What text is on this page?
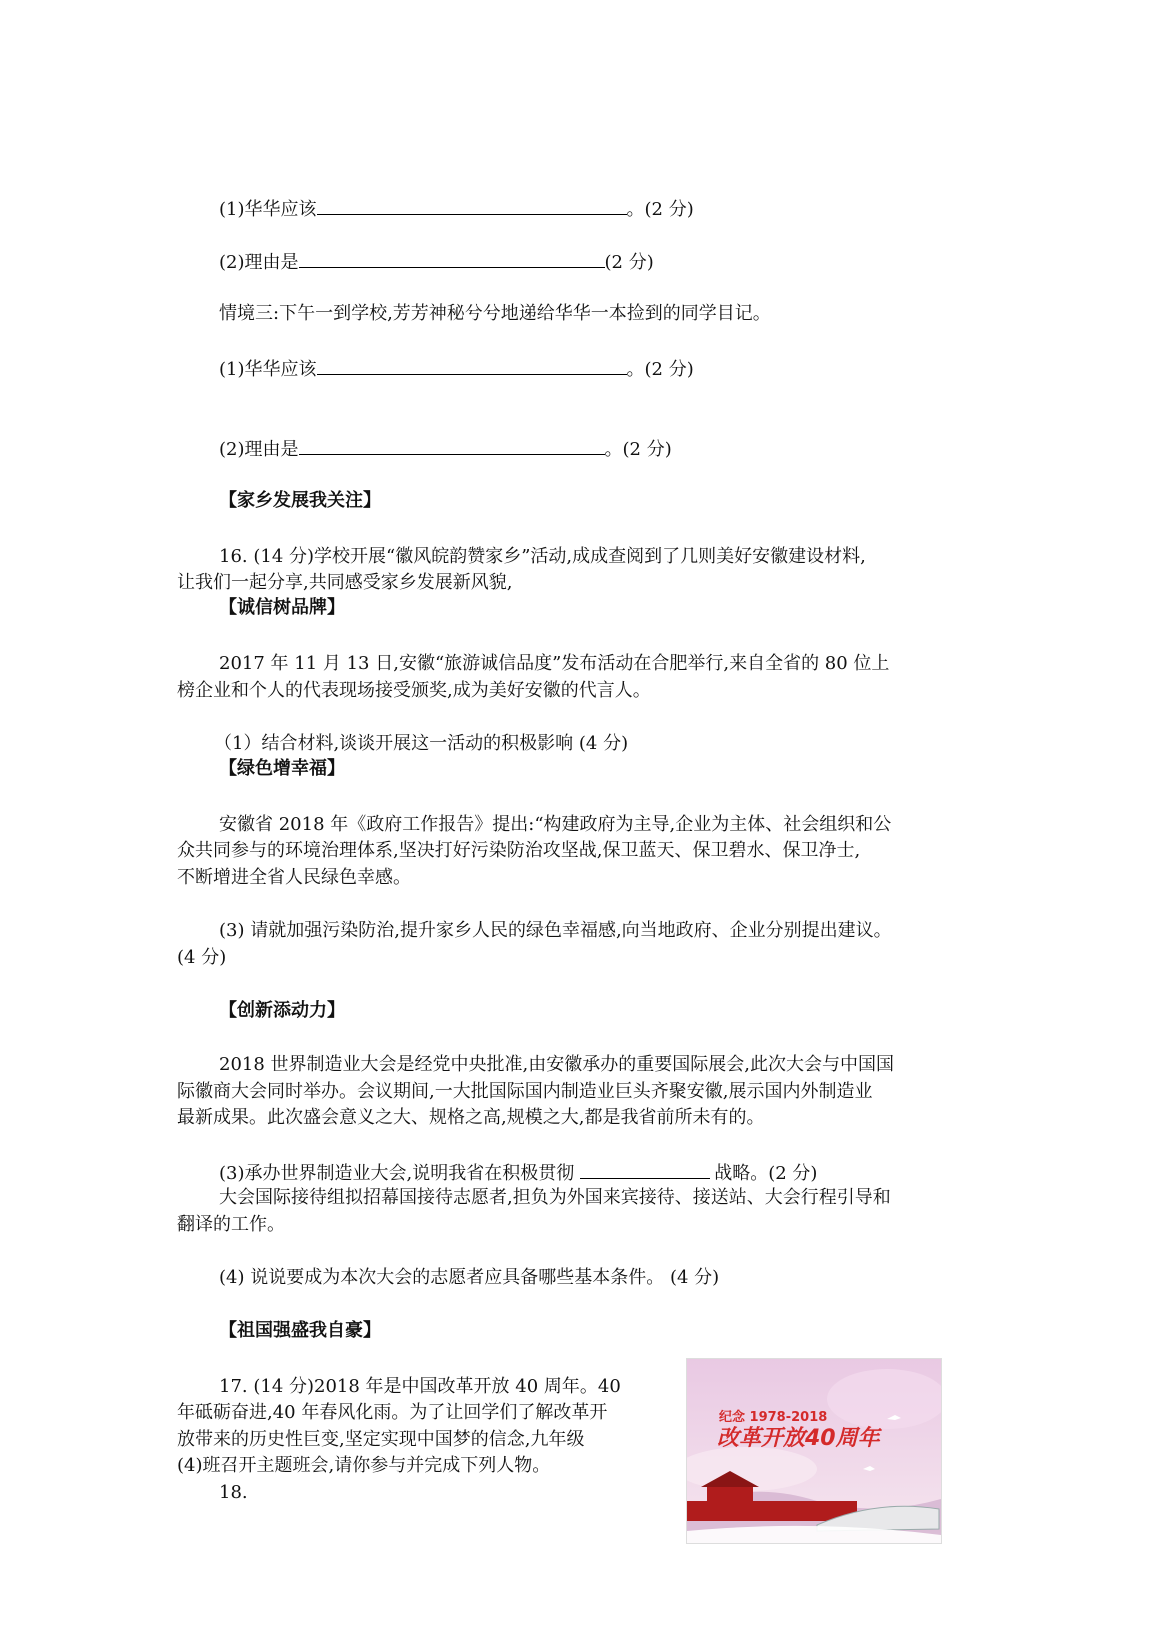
(1)华华应该	。(2 分)
(2)理由是	(2 分)
情境三:下午一到学校,芳芳神秘兮兮地递给华华一本捡到的同学目记。
(1)华华应该	。(2 分)
(2)理由是	。(2 分)
【家乡发展我关注】
16. (14 分)学校开展“徽风皖韵赞家乡”活动,成成查阅到了几则美好安徽建设材料,
让我们一起分享,共同感受家乡发展新风貌,
【诚信树品牌】
2017 年 11 月 13 日,安徽“旅游诚信品度”发布活动在合肥举行,来自全省的 80 位上
榜企业和个人的代表现场接受颁奖,成为美好安徽的代言人。
（1）结合材料,谈谈开展这一活动的积极影响 (4 分)
【绿色增幸福】
安徽省 2018 年《政府工作报告》提出:“构建政府为主导,企业为主体、社会组织和公
众共同参与的环境治理体系,坚决打好污染防治攻坚战,保卫蓝天、保卫碧水、保卫净士,
不断增进全省人民绿色幸感。
(3) 请就加强污染防治,提升家乡人民的绿色幸福感,向当地政府、企业分别提出建议。
(4 分)
【创新添动力】
2018 世界制造业大会是经党中央批准,由安徽承办的重要国际展会,此次大会与中国国
际徽商大会同时举办。会议期间,一大批国际国内制造业巨头齐聚安徽,展示国内外制造业
最新成果。此次盛会意义之大、规格之高,规模之大,都是我省前所未有的。
(3)承办世界制造业大会,说明我省在积极贯彻	战略。(2 分)
大会国际接待组拟招幕国接待志愿者,担负为外国来宾接待、接送站、大会行程引导和
翻译的工作。
(4) 说说要成为本次大会的志愿者应具备哪些基本条件。 (4 分)
【祖国强盛我自豪】
17. (14 分)2018 年是中国改革开放 40 周年。40
年砥砺奋进,40 年春风化雨。为了让回学们了解改革开
放带来的历史性巨变,坚定实现中国梦的信念,九年级
(4)班召开主题班会,请你参与并完成下列人物。
18.
纪念 1978-2018
改革开放40周年
